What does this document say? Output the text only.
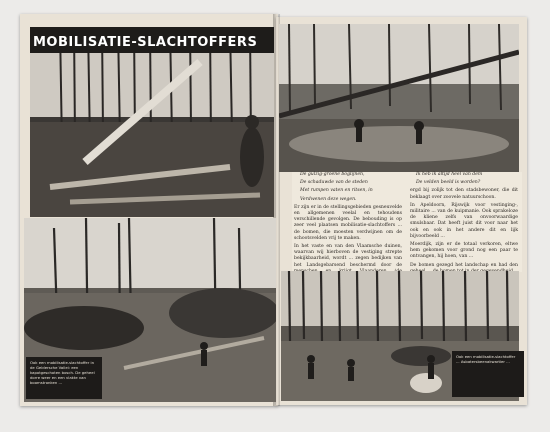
MOBILISATIE-SLACHTOFFERS

De gulzig-groene boglijnen,

De schaduwde van de steden

Met rumpen vaten en ritsen, in

Verdwenen deze wegen.

Er zijn er in de stellingsgebieden gesneuvelde en allgemenen veelal en tehoudens verschillende gevolgen. De bebouding is op zeer veel plaatsen mobilisatie-slachtoffers ... de bomen, die moesten verdwijnen om de schootsvelden vrij te maken.

In het vaste en van den Vlaamsche duinen, waarvan wij hierboven de vestiging strepte bekijkbaarheid, wordt ... zegen bedijken van het Landsgebarsend beschermd door de

Ik heb ik altijd heel van dem

De velden beeld is worden?

ergd bij zolijk tot den stadsbewoner, die dit beklaagt over zoovele natuurschoon.

In Apeldoorn, Rijswijk voor vestinging-, militaire ... van de kuipmanie. Ook sprakeloze de kliene zelfs van onvoorwaardige smulsbaar. Dat heeft juist dit voor naar het ook en ook in het andere dit en lijk bijvoorbeeld ...

Moerdijk, zijn er de totaal verkoren, eltwe hem gekomen voor grond nog een paar te ontvangen, hij hoen, van ...

De bomen gezegd het landschap en had den

Ook een mobilisatie-slachtoffer in de Geldersche Vallei: een kapotgeschoten bosch. De geheel dorre weer en een vlakte van boomstronken ...
Ook een mobilisatie-slachtoffer ... Asbatersbeenakwartier ...
